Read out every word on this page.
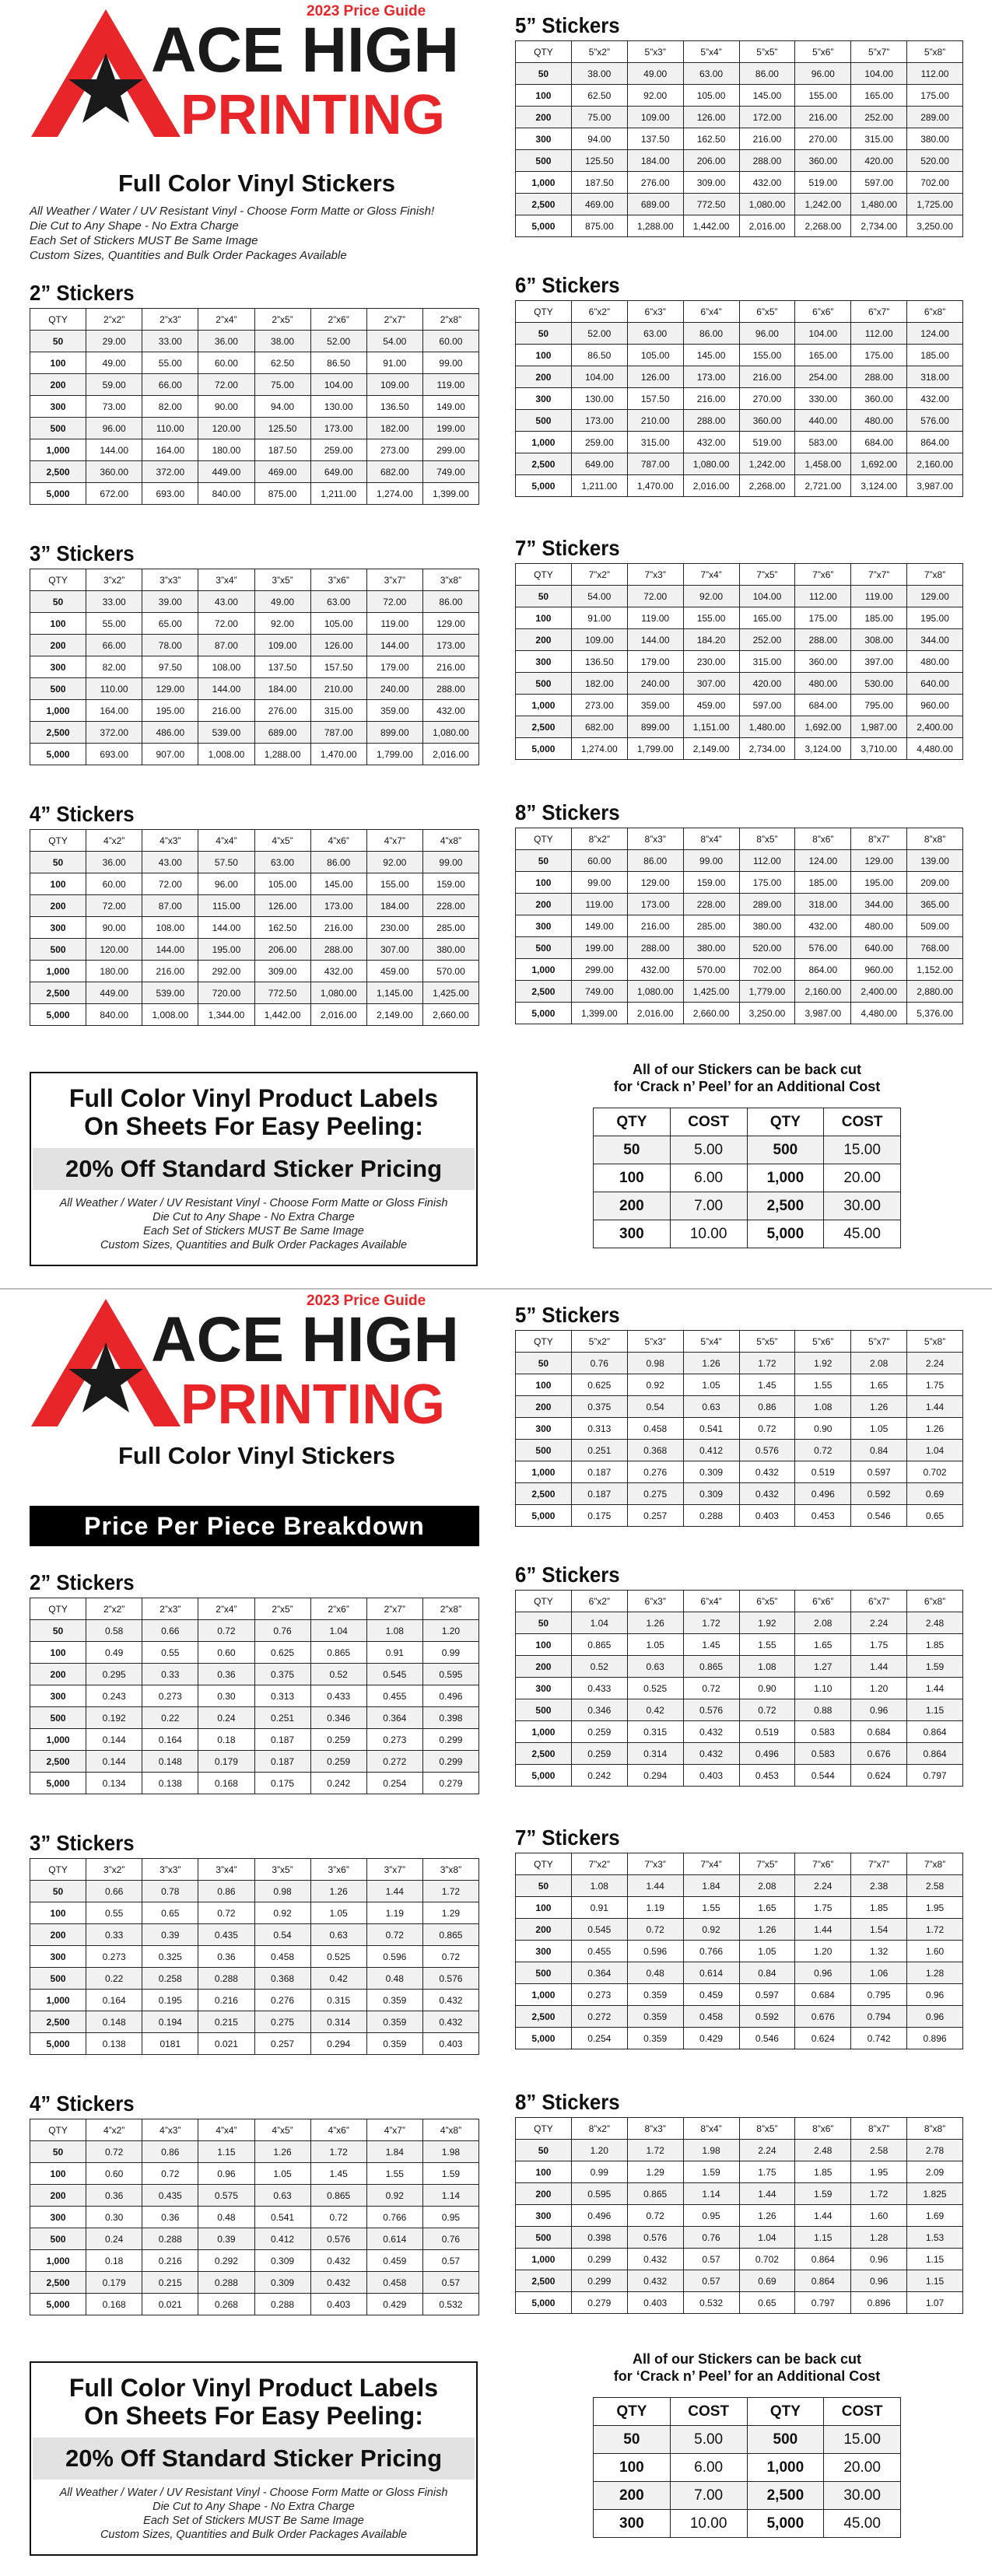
ACE HIGH
PRINTING
2023 Price Guide
Full Color Vinyl Stickers
All Weather / Water / UV Resistant Vinyl - Choose Form Matte or Gloss Finish!
Die Cut to Any Shape - No Extra Charge
Each Set of Stickers MUST Be Same Image
Custom Sizes, Quantities and Bulk Order Packages Available
2” Stickers
QTY	2”x2”	2”x3”	2”x4”	2”x5”	2”x6”	2”x7”	2”x8”
50	29.00	33.00	36.00	38.00	52.00	54.00	60.00
100	49.00	55.00	60.00	62.50	86.50	91.00	99.00
200	59.00	66.00	72.00	75.00	104.00	109.00	119.00
300	73.00	82.00	90.00	94.00	130.00	136.50	149.00
500	96.00	110.00	120.00	125.50	173.00	182.00	199.00
1,000	144.00	164.00	180.00	187.50	259.00	273.00	299.00
2,500	360.00	372.00	449.00	469.00	649.00	682.00	749.00
5,000	672.00	693.00	840.00	875.00	1,211.00	1,274.00	1,399.00
3” Stickers
QTY	3”x2”	3”x3”	3”x4”	3”x5”	3”x6”	3”x7”	3”x8”
50	33.00	39.00	43.00	49.00	63.00	72.00	86.00
100	55.00	65.00	72.00	92.00	105.00	119.00	129.00
200	66.00	78.00	87.00	109.00	126.00	144.00	173.00
300	82.00	97.50	108.00	137.50	157.50	179.00	216.00
500	110.00	129.00	144.00	184.00	210.00	240.00	288.00
1,000	164.00	195.00	216.00	276.00	315.00	359.00	432.00
2,500	372.00	486.00	539.00	689.00	787.00	899.00	1,080.00
5,000	693.00	907.00	1,008.00	1,288.00	1,470.00	1,799.00	2,016.00
4” Stickers
QTY	4”x2”	4”x3”	4”x4”	4”x5”	4”x6”	4”x7”	4”x8”
50	36.00	43.00	57.50	63.00	86.00	92.00	99.00
100	60.00	72.00	96.00	105.00	145.00	155.00	159.00
200	72.00	87.00	115.00	126.00	173.00	184.00	228.00
300	90.00	108.00	144.00	162.50	216.00	230.00	285.00
500	120.00	144.00	195.00	206.00	288.00	307.00	380.00
1,000	180.00	216.00	292.00	309.00	432.00	459.00	570.00
2,500	449.00	539.00	720.00	772.50	1,080.00	1,145.00	1,425.00
5,000	840.00	1,008.00	1,344.00	1,442.00	2,016.00	2,149.00	2,660.00
5” Stickers
QTY	5”x2”	5”x3”	5”x4”	5”x5”	5”x6”	5”x7”	5”x8”
50	38.00	49.00	63.00	86.00	96.00	104.00	112.00
100	62.50	92.00	105.00	145.00	155.00	165.00	175.00
200	75.00	109.00	126.00	172.00	216.00	252.00	289.00
300	94.00	137.50	162.50	216.00	270.00	315.00	380.00
500	125.50	184.00	206.00	288.00	360.00	420.00	520.00
1,000	187.50	276.00	309.00	432.00	519.00	597.00	702.00
2,500	469.00	689.00	772.50	1,080.00	1,242.00	1,480.00	1,725.00
5,000	875.00	1,288.00	1,442.00	2,016.00	2,268.00	2,734.00	3,250.00
6” Stickers
QTY	6”x2”	6”x3”	6”x4”	6”x5”	6”x6”	6”x7”	6”x8”
50	52.00	63.00	86.00	96.00	104.00	112.00	124.00
100	86.50	105.00	145.00	155.00	165.00	175.00	185.00
200	104.00	126.00	173.00	216.00	254.00	288.00	318.00
300	130.00	157.50	216.00	270.00	330.00	360.00	432.00
500	173.00	210.00	288.00	360.00	440.00	480.00	576.00
1,000	259.00	315.00	432.00	519.00	583.00	684.00	864.00
2,500	649.00	787.00	1,080.00	1,242.00	1,458.00	1,692.00	2,160.00
5,000	1,211.00	1,470.00	2,016.00	2,268.00	2,721.00	3,124.00	3,987.00
7” Stickers
QTY	7”x2”	7”x3”	7”x4”	7”x5”	7”x6”	7”x7”	7”x8”
50	54.00	72.00	92.00	104.00	112.00	119.00	129.00
100	91.00	119.00	155.00	165.00	175.00	185.00	195.00
200	109.00	144.00	184.20	252.00	288.00	308.00	344.00
300	136.50	179.00	230.00	315.00	360.00	397.00	480.00
500	182.00	240.00	307.00	420.00	480.00	530.00	640.00
1,000	273.00	359.00	459.00	597.00	684.00	795.00	960.00
2,500	682.00	899.00	1,151.00	1,480.00	1,692.00	1,987.00	2,400.00
5,000	1,274.00	1,799.00	2,149.00	2,734.00	3,124.00	3,710.00	4,480.00
8” Stickers
QTY	8”x2”	8”x3”	8”x4”	8”x5”	8”x6”	8”x7”	8”x8”
50	60.00	86.00	99.00	112.00	124.00	129.00	139.00
100	99.00	129.00	159.00	175.00	185.00	195.00	209.00
200	119.00	173.00	228.00	289.00	318.00	344.00	365.00
300	149.00	216.00	285.00	380.00	432.00	480.00	509.00
500	199.00	288.00	380.00	520.00	576.00	640.00	768.00
1,000	299.00	432.00	570.00	702.00	864.00	960.00	1,152.00
2,500	749.00	1,080.00	1,425.00	1,779.00	2,160.00	2,400.00	2,880.00
5,000	1,399.00	2,016.00	2,660.00	3,250.00	3,987.00	4,480.00	5,376.00
Full Color Vinyl Product Labels
On Sheets For Easy Peeling:
20% Off Standard Sticker Pricing
All Weather / Water / UV Resistant Vinyl - Choose Form Matte or Gloss Finish
Die Cut to Any Shape - No Extra Charge
Each Set of Stickers MUST Be Same Image
Custom Sizes, Quantities and Bulk Order Packages Available
All of our Stickers can be back cut
for ‘Crack n’ Peel’ for an Additional Cost
QTY	COST	QTY	COST
50	5.00	500	15.00
100	6.00	1,000	20.00
200	7.00	2,500	30.00
300	10.00	5,000	45.00
ACE HIGH
PRINTING
2023 Price Guide
Full Color Vinyl Stickers
Price Per Piece Breakdown
2” Stickers
QTY	2”x2”	2”x3”	2”x4”	2”x5”	2”x6”	2”x7”	2”x8”
50	0.58	0.66	0.72	0.76	1.04	1.08	1.20
100	0.49	0.55	0.60	0.625	0.865	0.91	0.99
200	0.295	0.33	0.36	0.375	0.52	0.545	0.595
300	0.243	0.273	0.30	0.313	0.433	0.455	0.496
500	0.192	0.22	0.24	0.251	0.346	0.364	0.398
1,000	0.144	0.164	0.18	0.187	0.259	0.273	0.299
2,500	0.144	0.148	0.179	0.187	0.259	0.272	0.299
5,000	0.134	0.138	0.168	0.175	0.242	0.254	0.279
3” Stickers
QTY	3”x2”	3”x3”	3”x4”	3”x5”	3”x6”	3”x7”	3”x8”
50	0.66	0.78	0.86	0.98	1.26	1.44	1.72
100	0.55	0.65	0.72	0.92	1.05	1.19	1.29
200	0.33	0.39	0.435	0.54	0.63	0.72	0.865
300	0.273	0.325	0.36	0.458	0.525	0.596	0.72
500	0.22	0.258	0.288	0.368	0.42	0.48	0.576
1,000	0.164	0.195	0.216	0.276	0.315	0.359	0.432
2,500	0.148	0.194	0.215	0.275	0.314	0.359	0.432
5,000	0.138	0181	0.021	0.257	0.294	0.359	0.403
4” Stickers
QTY	4”x2”	4”x3”	4”x4”	4”x5”	4”x6”	4”x7”	4”x8”
50	0.72	0.86	1.15	1.26	1.72	1.84	1.98
100	0.60	0.72	0.96	1.05	1.45	1.55	1.59
200	0.36	0.435	0.575	0.63	0.865	0.92	1.14
300	0.30	0.36	0.48	0.541	0.72	0.766	0.95
500	0.24	0.288	0.39	0.412	0.576	0.614	0.76
1,000	0.18	0.216	0.292	0.309	0.432	0.459	0.57
2,500	0.179	0.215	0.288	0.309	0.432	0.458	0.57
5,000	0.168	0.021	0.268	0.288	0.403	0.429	0.532
5” Stickers
QTY	5”x2”	5”x3”	5”x4”	5”x5”	5”x6”	5”x7”	5”x8”
50	0.76	0.98	1.26	1.72	1.92	2.08	2.24
100	0.625	0.92	1.05	1.45	1.55	1.65	1.75
200	0.375	0.54	0.63	0.86	1.08	1.26	1.44
300	0.313	0.458	0.541	0.72	0.90	1.05	1.26
500	0.251	0.368	0.412	0.576	0.72	0.84	1.04
1,000	0.187	0.276	0.309	0.432	0.519	0.597	0.702
2,500	0.187	0.275	0.309	0.432	0.496	0.592	0.69
5,000	0.175	0.257	0.288	0.403	0.453	0.546	0.65
6” Stickers
QTY	6”x2”	6”x3”	6”x4”	6”x5”	6”x6”	6”x7”	6”x8”
50	1.04	1.26	1.72	1.92	2.08	2.24	2.48
100	0.865	1.05	1.45	1.55	1.65	1.75	1.85
200	0.52	0.63	0.865	1.08	1.27	1.44	1.59
300	0.433	0.525	0.72	0.90	1.10	1.20	1.44
500	0.346	0.42	0.576	0.72	0.88	0.96	1.15
1,000	0.259	0.315	0.432	0.519	0.583	0.684	0.864
2,500	0.259	0.314	0.432	0.496	0.583	0.676	0.864
5,000	0.242	0.294	0.403	0.453	0.544	0.624	0.797
7” Stickers
QTY	7”x2”	7”x3”	7”x4”	7”x5”	7”x6”	7”x7”	7”x8”
50	1.08	1.44	1.84	2.08	2.24	2.38	2.58
100	0.91	1.19	1.55	1.65	1.75	1.85	1.95
200	0.545	0.72	0.92	1.26	1.44	1.54	1.72
300	0.455	0.596	0.766	1.05	1.20	1.32	1.60
500	0.364	0.48	0.614	0.84	0.96	1.06	1.28
1,000	0.273	0.359	0.459	0.597	0.684	0.795	0.96
2,500	0.272	0.359	0.458	0.592	0.676	0.794	0.96
5,000	0.254	0.359	0.429	0.546	0.624	0.742	0.896
8” Stickers
QTY	8”x2”	8”x3”	8”x4”	8”x5”	8”x6”	8”x7”	8”x8”
50	1.20	1.72	1.98	2.24	2.48	2.58	2.78
100	0.99	1.29	1.59	1.75	1.85	1.95	2.09
200	0.595	0.865	1.14	1.44	1.59	1.72	1.825
300	0.496	0.72	0.95	1.26	1.44	1.60	1.69
500	0.398	0.576	0.76	1.04	1.15	1.28	1.53
1,000	0.299	0.432	0.57	0.702	0.864	0.96	1.15
2,500	0.299	0.432	0.57	0.69	0.864	0.96	1.15
5,000	0.279	0.403	0.532	0.65	0.797	0.896	1.07
Full Color Vinyl Product Labels
On Sheets For Easy Peeling:
20% Off Standard Sticker Pricing
All Weather / Water / UV Resistant Vinyl - Choose Form Matte or Gloss Finish
Die Cut to Any Shape - No Extra Charge
Each Set of Stickers MUST Be Same Image
Custom Sizes, Quantities and Bulk Order Packages Available
All of our Stickers can be back cut
for ‘Crack n’ Peel’ for an Additional Cost
QTY	COST	QTY	COST
50	5.00	500	15.00
100	6.00	1,000	20.00
200	7.00	2,500	30.00
300	10.00	5,000	45.00
